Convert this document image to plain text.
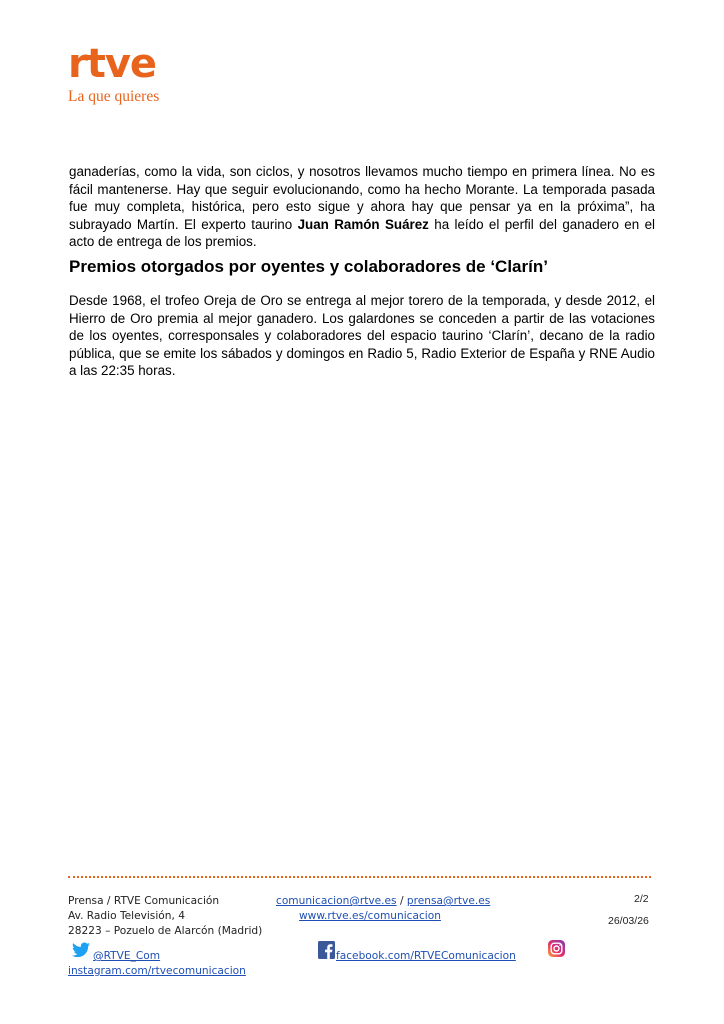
rtve
La que quieres

ganaderías, como la vida, son ciclos, y nosotros llevamos mucho tiempo en primera línea. No es fácil mantenerse. Hay que seguir evolucionando, como ha hecho Morante. La temporada pasada fue muy completa, histórica, pero esto sigue y ahora hay que pensar ya en la próxima”, ha subrayado Martín. El experto taurino Juan Ramón Suárez ha leído el perfil del ganadero en el acto de entrega de los premios.

Premios otorgados por oyentes y colaboradores de ‘Clarín’

Desde 1968, el trofeo Oreja de Oro se entrega al mejor torero de la temporada, y desde 2012, el Hierro de Oro premia al mejor ganadero. Los galardones se conceden a partir de las votaciones de los oyentes, corresponsales y colaboradores del espacio taurino ‘Clarín’, decano de la radio pública, que se emite los sábados y domingos en Radio 5, Radio Exterior de España y RNE Audio a las 22:35 horas.

Prensa / RTVE Comunicación
Av. Radio Televisión, 4
28223 – Pozuelo de Alarcón (Madrid)
comunicacion@rtve.es / prensa@rtve.es
www.rtve.es/comunicacion
2/2
26/03/26
@RTVE_Com
instagram.com/rtvecomunicacion
facebook.com/RTVEComunicacion
